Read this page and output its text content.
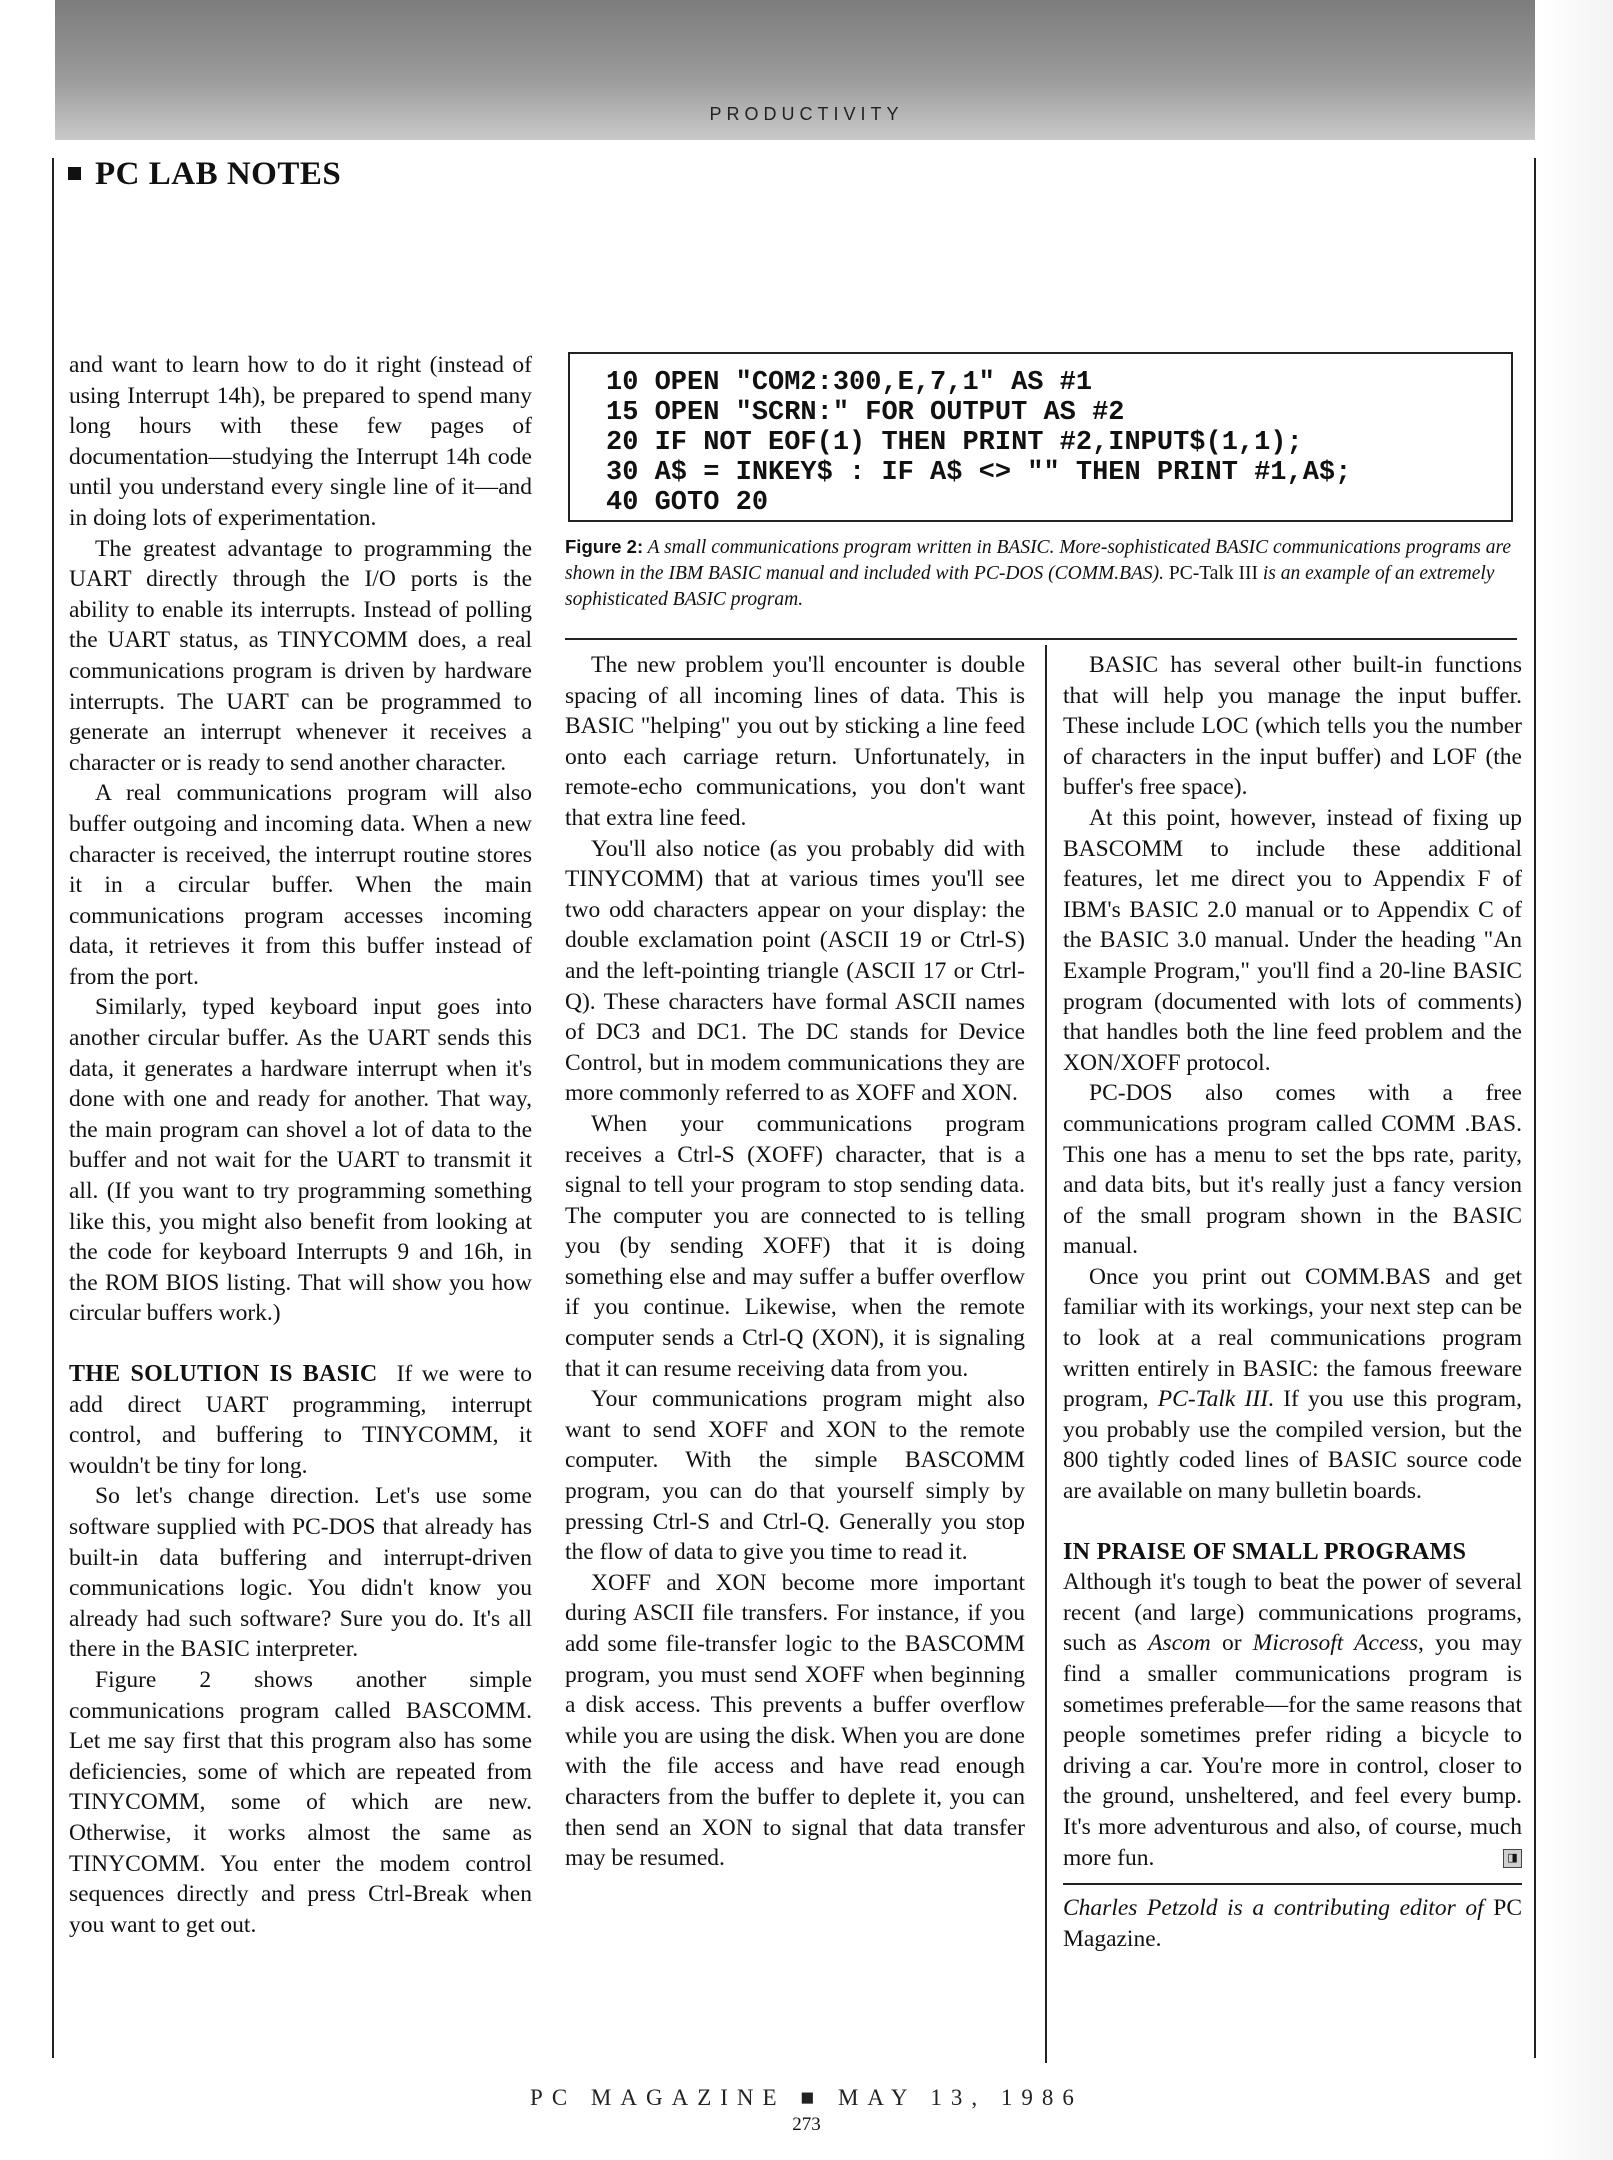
PRODUCTIVITY
PC LAB NOTES
10 OPEN "COM2:300,E,7,1" AS #1
15 OPEN "SCRN:" FOR OUTPUT AS #2
20 IF NOT EOF(1) THEN PRINT #2,INPUT$(1,1);
30 A$ = INKEY$ : IF A$ <> "" THEN PRINT #1,A$;
40 GOTO 20
Figure 2: A small communications program written in BASIC. More-sophisticated BASIC communications programs are shown in the IBM BASIC manual and included with PC-DOS (COMM.BAS). PC-Talk III is an example of an extremely sophisticated BASIC program.

and want to learn how to do it right (instead of using Interrupt 14h), be prepared to spend many long hours with these few pages of documentation—studying the Interrupt 14h code until you understand every single line of it—and in doing lots of experimentation.

The greatest advantage to programming the UART directly through the I/O ports is the ability to enable its interrupts. Instead of polling the UART status, as TINYCOMM does, a real communications program is driven by hardware interrupts. The UART can be programmed to generate an interrupt whenever it receives a character or is ready to send another character.

A real communications program will also buffer outgoing and incoming data. When a new character is received, the interrupt routine stores it in a circular buffer. When the main communications program accesses incoming data, it retrieves it from this buffer instead of from the port.

Similarly, typed keyboard input goes into another circular buffer. As the UART sends this data, it generates a hardware interrupt when it's done with one and ready for another. That way, the main program can shovel a lot of data to the buffer and not wait for the UART to transmit it all. (If you want to try programming something like this, you might also benefit from looking at the code for keyboard Interrupts 9 and 16h, in the ROM BIOS listing. That will show you how circular buffers work.)

THE SOLUTION IS BASIC If we were to add direct UART programming, interrupt control, and buffering to TINYCOMM, it wouldn't be tiny for long.

So let's change direction. Let's use some software supplied with PC-DOS that already has built-in data buffering and interrupt-driven communications logic. You didn't know you already had such software? Sure you do. It's all there in the BASIC interpreter.

Figure 2 shows another simple communications program called BASCOMM. Let me say first that this program also has some deficiencies, some of which are repeated from TINYCOMM, some of which are new. Otherwise, it works almost the same as TINYCOMM. You enter the modem control sequences directly and press Ctrl-Break when you want to get out.

The new problem you'll encounter is double spacing of all incoming lines of data. This is BASIC "helping" you out by sticking a line feed onto each carriage return. Unfortunately, in remote-echo communications, you don't want that extra line feed.

You'll also notice (as you probably did with TINYCOMM) that at various times you'll see two odd characters appear on your display: the double exclamation point (ASCII 19 or Ctrl-S) and the left-pointing triangle (ASCII 17 or Ctrl-Q). These characters have formal ASCII names of DC3 and DC1. The DC stands for Device Control, but in modem communications they are more commonly referred to as XOFF and XON.

When your communications program receives a Ctrl-S (XOFF) character, that is a signal to tell your program to stop sending data. The computer you are connected to is telling you (by sending XOFF) that it is doing something else and may suffer a buffer overflow if you continue. Likewise, when the remote computer sends a Ctrl-Q (XON), it is signaling that it can resume receiving data from you.

Your communications program might also want to send XOFF and XON to the remote computer. With the simple BASCOMM program, you can do that yourself simply by pressing Ctrl-S and Ctrl-Q. Generally you stop the flow of data to give you time to read it.

XOFF and XON become more important during ASCII file transfers. For instance, if you add some file-transfer logic to the BASCOMM program, you must send XOFF when beginning a disk access. This prevents a buffer overflow while you are using the disk. When you are done with the file access and have read enough characters from the buffer to deplete it, you can then send an XON to signal that data transfer may be resumed.

BASIC has several other built-in functions that will help you manage the input buffer. These include LOC (which tells you the number of characters in the input buffer) and LOF (the buffer's free space).

At this point, however, instead of fixing up BASCOMM to include these additional features, let me direct you to Appendix F of IBM's BASIC 2.0 manual or to Appendix C of the BASIC 3.0 manual. Under the heading "An Example Program," you'll find a 20-line BASIC program (documented with lots of comments) that handles both the line feed problem and the XON/XOFF protocol.

PC-DOS also comes with a free communications program called COMM .BAS. This one has a menu to set the bps rate, parity, and data bits, but it's really just a fancy version of the small program shown in the BASIC manual.

Once you print out COMM.BAS and get familiar with its workings, your next step can be to look at a real communications program written entirely in BASIC: the famous freeware program, PC-Talk III. If you use this program, you probably use the compiled version, but the 800 tightly coded lines of BASIC source code are available on many bulletin boards.

IN PRAISE OF SMALL PROGRAMS

Although it's tough to beat the power of several recent (and large) communications programs, such as Ascom or Microsoft Access, you may find a smaller communications program is sometimes preferable—for the same reasons that people sometimes prefer riding a bicycle to driving a car. You're more in control, closer to the ground, unsheltered, and feel every bump. It's more adventurous and also, of course, much more fun.	◨

Charles Petzold is a contributing editor of PC Magazine.

PC MAGAZINE ■ MAY 13, 1986
273
